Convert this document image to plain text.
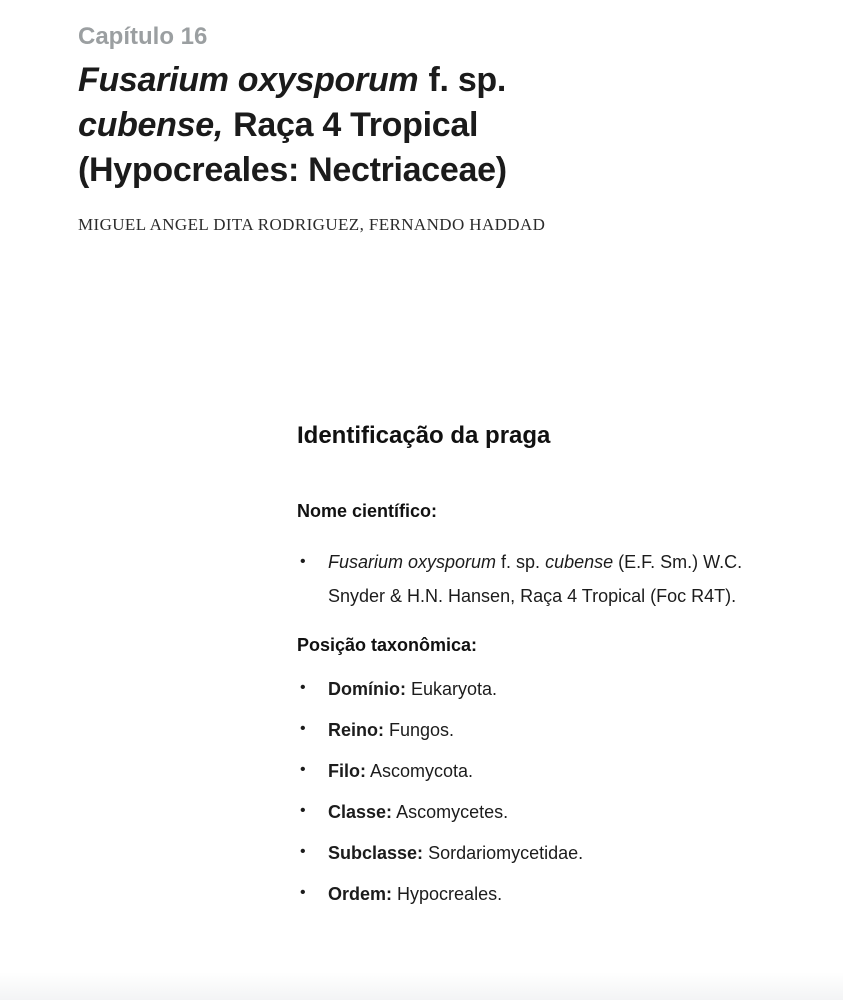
Capítulo 16
Fusarium oxysporum f. sp.
cubense, Raça 4 Tropical
(Hypocreales: Nectriaceae)
MIGUEL ANGEL DITA RODRIGUEZ, FERNANDO HADDAD
Identificação da praga
Nome científico:
• Fusarium oxysporum f. sp. cubense (E.F. Sm.) W.C. Snyder & H.N. Hansen, Raça 4 Tropical (Foc R4T).
Posição taxonômica:
• Domínio: Eukaryota.
• Reino: Fungos.
• Filo: Ascomycota.
• Classe: Ascomycetes.
• Subclasse: Sordariomycetidae.
• Ordem: Hypocreales.
